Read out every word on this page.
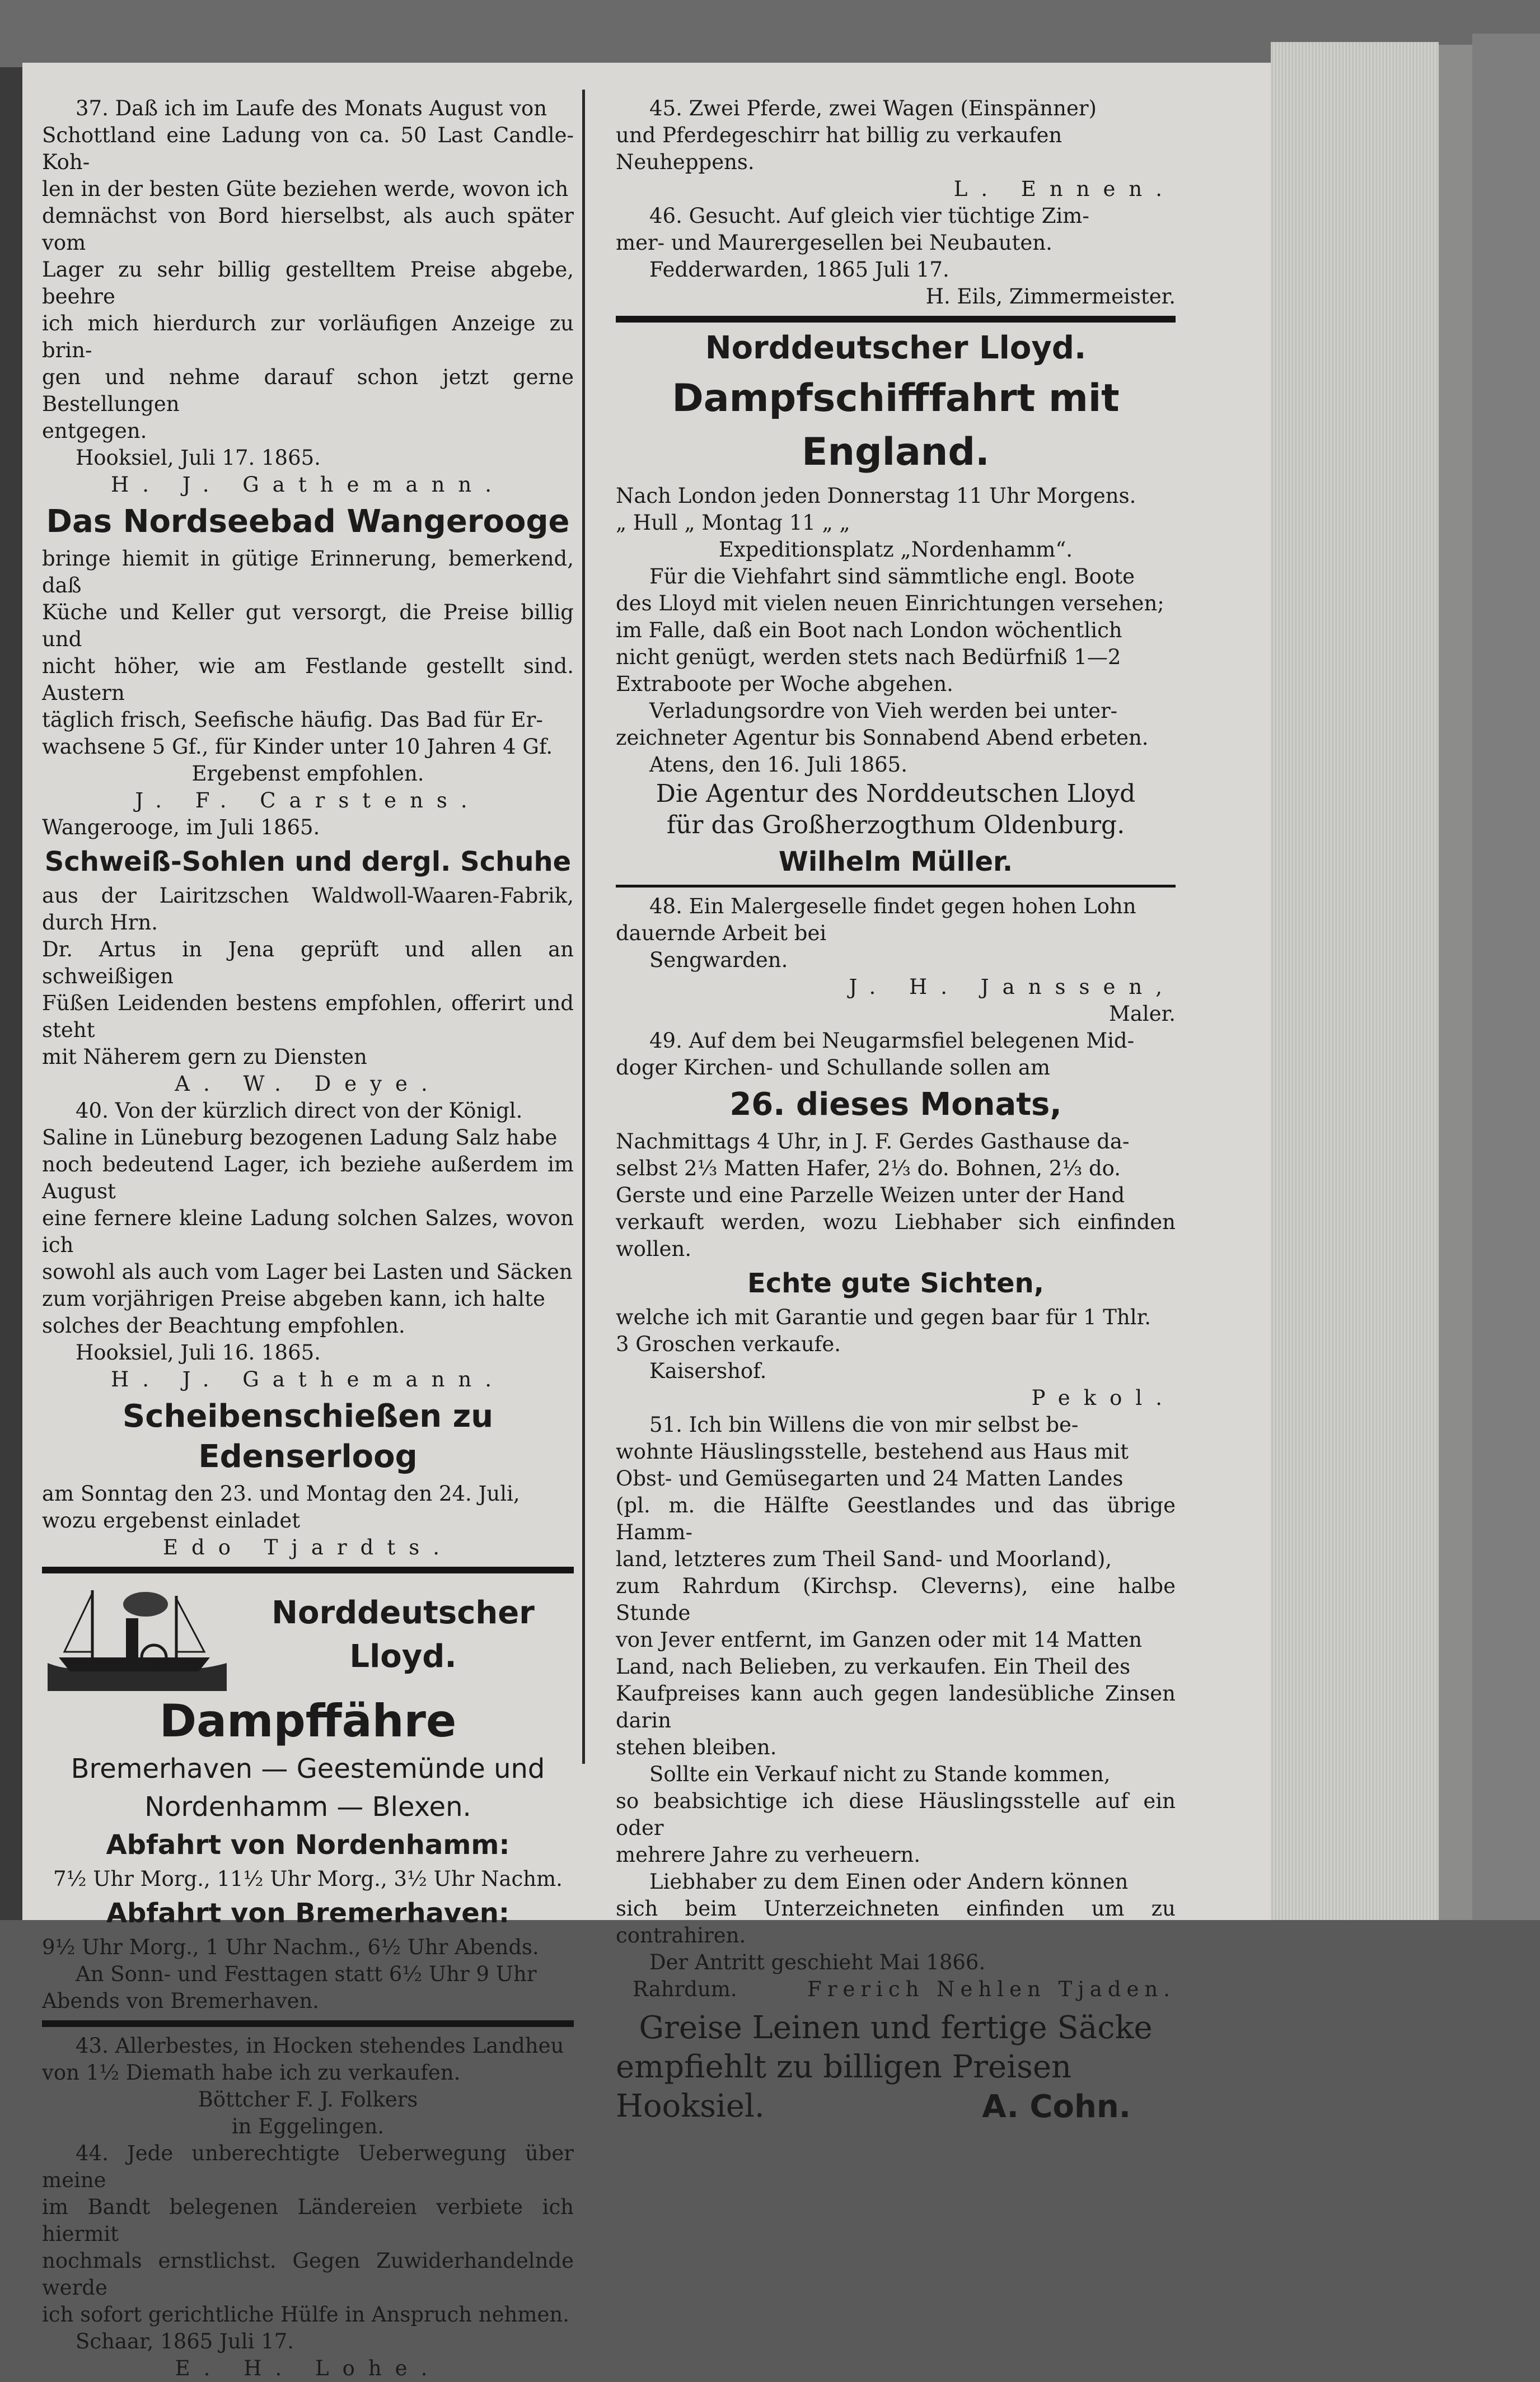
37. Daß ich im Laufe des Monats August von

Schottland eine Ladung von ca. 50 Last Candle-Koh-

len in der besten Güte beziehen werde, wovon ich

demnächst von Bord hierselbst, als auch später vom

Lager zu sehr billig gestelltem Preise abgebe, beehre

ich mich hierdurch zur vorläufigen Anzeige zu brin-

gen und nehme darauf schon jetzt gerne Bestellungen

entgegen.

Hooksiel, Juli 17. 1865.

H. J. Gathemann.

Das Nordseebad Wangerooge

bringe hiemit in gütige Erinnerung, bemerkend, daß

Küche und Keller gut versorgt, die Preise billig und

nicht höher, wie am Festlande gestellt sind. Austern

täglich frisch, Seefische häufig. Das Bad für Er-

wachsene 5 Gf., für Kinder unter 10 Jahren 4 Gf.

Ergebenst empfohlen.

J. F. Carstens.

Wangerooge, im Juli 1865.

Schweiß-Sohlen und dergl. Schuhe

aus der Lairitzschen Waldwoll-Waaren-Fabrik, durch Hrn.

Dr. Artus in Jena geprüft und allen an schweißigen

Füßen Leidenden bestens empfohlen, offerirt und steht

mit Näherem gern zu Diensten

A. W. Deye.

40. Von der kürzlich direct von der Königl.

Saline in Lüneburg bezogenen Ladung Salz habe

noch bedeutend Lager, ich beziehe außerdem im August

eine fernere kleine Ladung solchen Salzes, wovon ich

sowohl als auch vom Lager bei Lasten und Säcken

zum vorjährigen Preise abgeben kann, ich halte

solches der Beachtung empfohlen.

Hooksiel, Juli 16. 1865.

H. J. Gathemann.

Scheibenschießen zu Edenserloog

am Sonntag den 23. und Montag den 24. Juli,

wozu ergebenst einladet

Edo Tjardts.

Norddeutscher

Lloyd.

Dampffähre

Bremerhaven — Geestemünde und

Nordenhamm — Blexen.

Abfahrt von Nordenhamm:

7½ Uhr Morg., 11½ Uhr Morg., 3½ Uhr Nachm.

Abfahrt von Bremerhaven:

9½ Uhr Morg., 1 Uhr Nachm., 6½ Uhr Abends.

An Sonn- und Festtagen statt 6½ Uhr 9 Uhr

Abends von Bremerhaven.

43. Allerbestes, in Hocken stehendes Landheu

von 1½ Diemath habe ich zu verkaufen.

Böttcher F. J. Folkers

in Eggelingen.

44. Jede unberechtigte Ueberwegung über meine

im Bandt belegenen Ländereien verbiete ich hiermit

nochmals ernstlichst. Gegen Zuwiderhandelnde werde

ich sofort gerichtliche Hülfe in Anspruch nehmen.

Schaar, 1865 Juli 17.

E. H. Lohe.

45. Zwei Pferde, zwei Wagen (Einspänner)

und Pferdegeschirr hat billig zu verkaufen

Neuheppens.

L. Ennen.

46. Gesucht. Auf gleich vier tüchtige Zim-

mer- und Maurergesellen bei Neubauten.

Fedderwarden, 1865 Juli 17.

H. Eils, Zimmermeister.

Norddeutscher Lloyd.

Dampfschifffahrt mit England.

Nach London jeden Donnerstag 11 Uhr Morgens.

„ Hull „ Montag 11 „ „

Expeditionsplatz „Nordenhamm“.

Für die Viehfahrt sind sämmtliche engl. Boote

des Lloyd mit vielen neuen Einrichtungen versehen;

im Falle, daß ein Boot nach London wöchentlich

nicht genügt, werden stets nach Bedürfniß 1—2

Extraboote per Woche abgehen.

Verladungsordre von Vieh werden bei unter-

zeichneter Agentur bis Sonnabend Abend erbeten.

Atens, den 16. Juli 1865.

Die Agentur des Norddeutschen Lloyd

für das Großherzogthum Oldenburg.

Wilhelm Müller.

48. Ein Malergeselle findet gegen hohen Lohn

dauernde Arbeit bei

Sengwarden.

J. H. Janssen,

Maler.

49. Auf dem bei Neugarmsfiel belegenen Mid-

doger Kirchen- und Schullande sollen am

26. dieses Monats,

Nachmittags 4 Uhr, in J. F. Gerdes Gasthause da-

selbst 2⅓ Matten Hafer, 2⅓ do. Bohnen, 2⅓ do.

Gerste und eine Parzelle Weizen unter der Hand

verkauft werden, wozu Liebhaber sich einfinden wollen.

Echte gute Sichten,

welche ich mit Garantie und gegen baar für 1 Thlr.

3 Groschen verkaufe.

Kaisershof.

Pekol.

51. Ich bin Willens die von mir selbst be-

wohnte Häuslingsstelle, bestehend aus Haus mit

Obst- und Gemüsegarten und 24 Matten Landes

(pl. m. die Hälfte Geestlandes und das übrige Hamm-

land, letzteres zum Theil Sand- und Moorland),

zum Rahrdum (Kirchsp. Cleverns), eine halbe Stunde

von Jever entfernt, im Ganzen oder mit 14 Matten

Land, nach Belieben, zu verkaufen. Ein Theil des

Kaufpreises kann auch gegen landesübliche Zinsen darin

stehen bleiben.

Sollte ein Verkauf nicht zu Stande kommen,

so beabsichtige ich diese Häuslingsstelle auf ein oder

mehrere Jahre zu verheuern.

Liebhaber zu dem Einen oder Andern können

sich beim Unterzeichneten einfinden um zu contrahiren.

Der Antritt geschieht Mai 1866.

Rahrdum.	Frerich Nehlen Tjaden.

Greise Leinen und fertige Säcke

empfiehlt zu billigen Preisen

Hooksiel.	A. Cohn.
